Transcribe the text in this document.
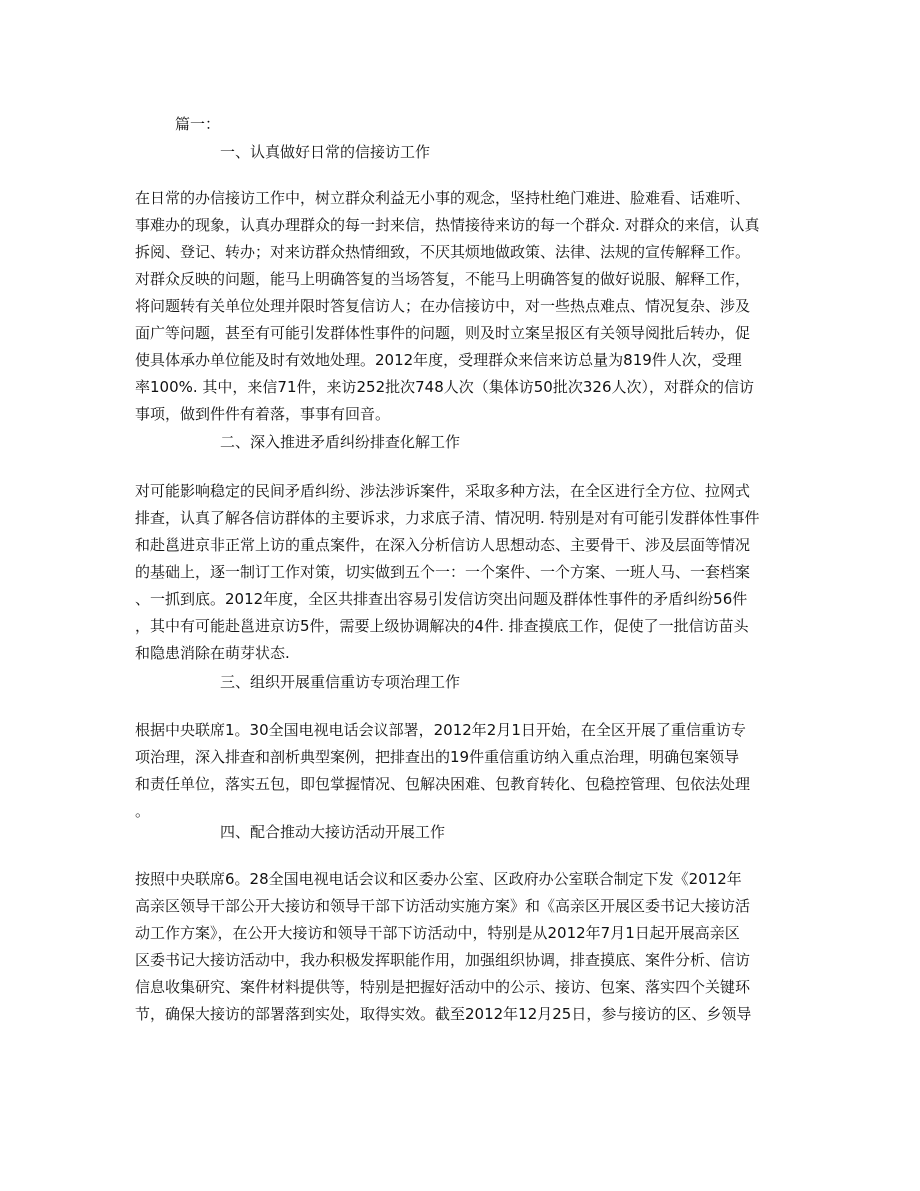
篇一：
一、认真做好日常的信接访工作
在日常的办信接访工作中，树立群众利益无小事的观念，坚持杜绝门难进、脸难看、话难听、
事难办的现象，认真办理群众的每一封来信，热情接待来访的每一个群众. 对群众的来信，认真
拆阅、登记、转办；对来访群众热情细致，不厌其烦地做政策、法律、法规的宣传解释工作。
对群众反映的问题，能马上明确答复的当场答复，不能马上明确答复的做好说服、解释工作，
将问题转有关单位处理并限时答复信访人；在办信接访中，对一些热点难点、情况复杂、涉及
面广等问题，甚至有可能引发群体性事件的问题，则及时立案呈报区有关领导阅批后转办，促
使具体承办单位能及时有效地处理。2012年度，受理群众来信来访总量为819件人次，受理
率100%. 其中，来信71件，来访252批次748人次（集体访50批次326人次），对群众的信访
事项，做到件件有着落，事事有回音。
二、深入推进矛盾纠纷排查化解工作
对可能影响稳定的民间矛盾纠纷、涉法涉诉案件，采取多种方法，在全区进行全方位、拉网式
排查，认真了解各信访群体的主要诉求，力求底子清、情况明. 特别是对有可能引发群体性事件
和赴邕进京非正常上访的重点案件，在深入分析信访人思想动态、主要骨干、涉及层面等情况
的基础上，逐一制订工作对策，切实做到五个一：一个案件、一个方案、一班人马、一套档案
、一抓到底。2012年度，全区共排查出容易引发信访突出问题及群体性事件的矛盾纠纷56件
，其中有可能赴邕进京访5件，需要上级协调解决的4件. 排查摸底工作，促使了一批信访苗头
和隐患消除在萌芽状态.
三、组织开展重信重访专项治理工作
根据中央联席1。30全国电视电话会议部署，2012年2月1日开始，在全区开展了重信重访专
项治理，深入排查和剖析典型案例，把排查出的19件重信重访纳入重点治理，明确包案领导
和责任单位，落实五包，即包掌握情况、包解决困难、包教育转化、包稳控管理、包依法处理
。
四、配合推动大接访活动开展工作
按照中央联席6。28全国电视电话会议和区委办公室、区政府办公室联合制定下发《2012年
高亲区领导干部公开大接访和领导干部下访活动实施方案》和《高亲区开展区委书记大接访活
动工作方案》，在公开大接访和领导干部下访活动中，特别是从2012年7月1日起开展高亲区
区委书记大接访活动中，我办积极发挥职能作用，加强组织协调，排查摸底、案件分析、信访
信息收集研究、案件材料提供等，特别是把握好活动中的公示、接访、包案、落实四个关键环
节，确保大接访的部署落到实处，取得实效。截至2012年12月25日，参与接访的区、乡领导
